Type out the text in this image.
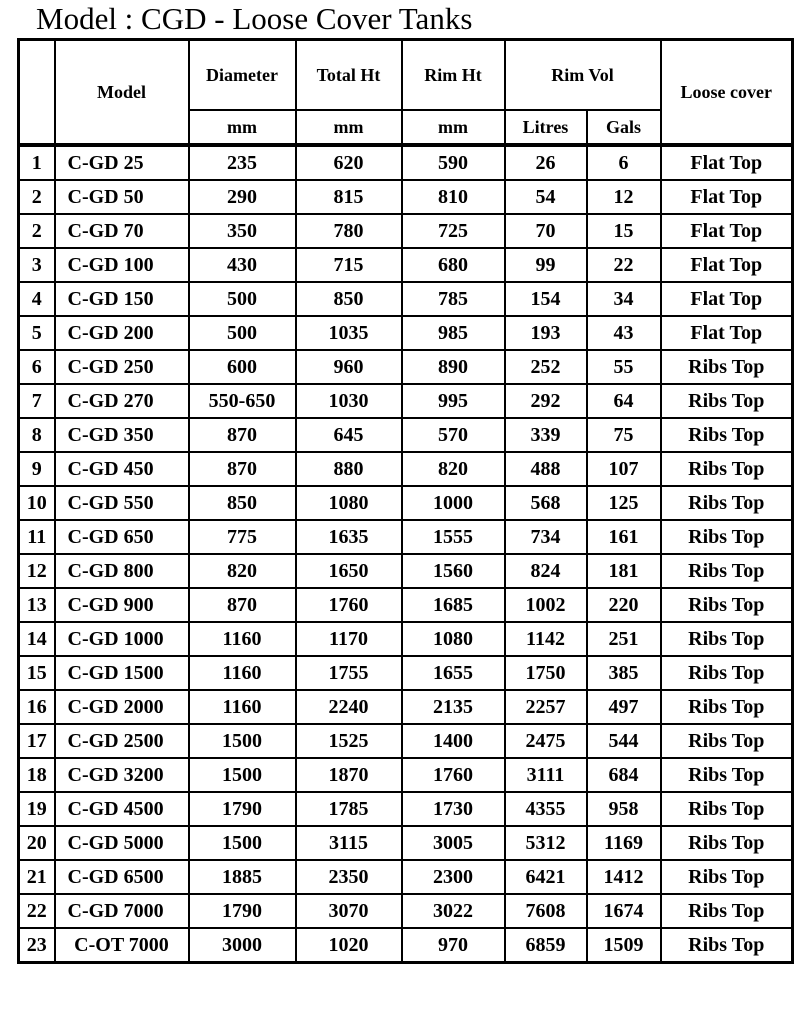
Model : CGD - Loose Cover Tanks
	Model	Diameter	Total Ht	Rim Ht	Rim Vol		Loose cover
		mm	mm	mm	Litres	Gals	
1	C-GD 25	235	620	590	26	6	Flat Top
2	C-GD 50	290	815	810	54	12	Flat Top
2	C-GD 70	350	780	725	70	15	Flat Top
3	C-GD 100	430	715	680	99	22	Flat Top
4	C-GD 150	500	850	785	154	34	Flat Top
5	C-GD 200	500	1035	985	193	43	Flat Top
6	C-GD 250	600	960	890	252	55	Ribs Top
7	C-GD 270	550-650	1030	995	292	64	Ribs Top
8	C-GD 350	870	645	570	339	75	Ribs Top
9	C-GD 450	870	880	820	488	107	Ribs Top
10	C-GD 550	850	1080	1000	568	125	Ribs Top
11	C-GD 650	775	1635	1555	734	161	Ribs Top
12	C-GD 800	820	1650	1560	824	181	Ribs Top
13	C-GD 900	870	1760	1685	1002	220	Ribs Top
14	C-GD 1000	1160	1170	1080	1142	251	Ribs Top
15	C-GD 1500	1160	1755	1655	1750	385	Ribs Top
16	C-GD 2000	1160	2240	2135	2257	497	Ribs Top
17	C-GD 2500	1500	1525	1400	2475	544	Ribs Top
18	C-GD 3200	1500	1870	1760	3111	684	Ribs Top
19	C-GD 4500	1790	1785	1730	4355	958	Ribs Top
20	C-GD 5000	1500	3115	3005	5312	1169	Ribs Top
21	C-GD 6500	1885	2350	2300	6421	1412	Ribs Top
22	C-GD 7000	1790	3070	3022	7608	1674	Ribs Top
23	C-OT 7000	3000	1020	970	6859	1509	Ribs Top
